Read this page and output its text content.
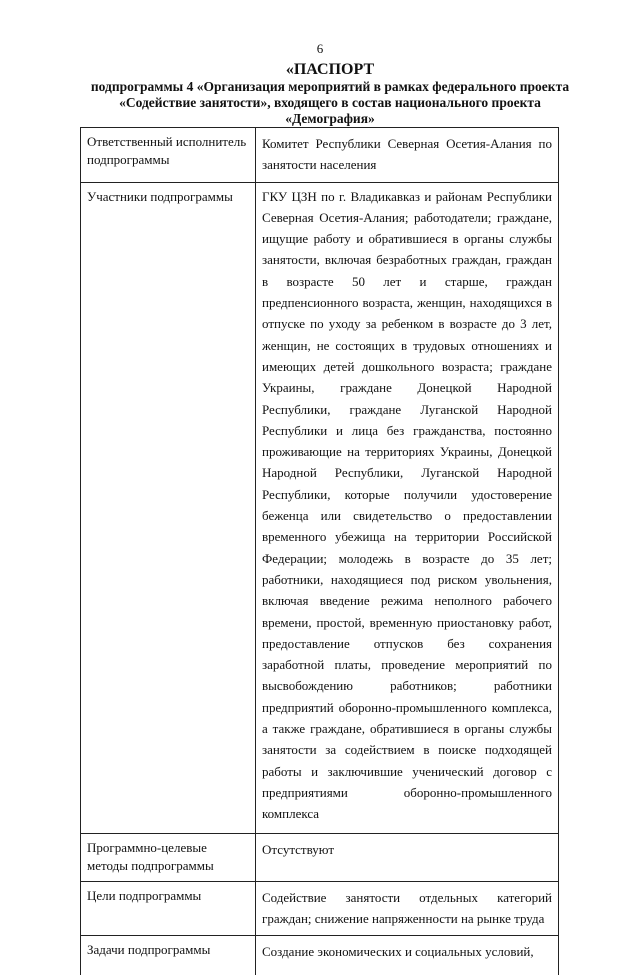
6
«ПАСПОРТ
подпрограммы 4 «Организация мероприятий в рамках федерального проекта
«Содействие занятости», входящего в состав национального проекта
«Демография»
Ответственный исполнитель подпрограммы	Комитет Республики Северная Осетия-Алания по занятости населения
Участники подпрограммы	ГКУ ЦЗН по г. Владикавказ и районам Республики Северная Осетия-Алания; работодатели; граждане, ищущие работу и обратившиеся в органы службы занятости, включая безработных граждан, граждан в возрасте 50 лет и старше, граждан предпенсионного возраста, женщин, находящихся в отпуске по уходу за ребенком в возрасте до 3 лет, женщин, не состоящих в трудовых отношениях и имеющих детей дошкольного возраста; граждане Украины, граждане Донецкой Народной Республики, граждане Луганской Народной Республики и лица без гражданства, постоянно проживающие на территориях Украины, Донецкой Народной Республики, Луганской Народной Республики, которые получили удостоверение беженца или свидетельство о предоставлении временного убежища на территории Российской Федерации; молодежь в возрасте до 35 лет; работники, находящиеся под риском увольнения, включая введение режима неполного рабочего времени, простой, временную приостановку работ, предоставление отпусков без сохранения заработной платы, проведение мероприятий по высвобождению работников; работники предприятий оборонно-промышленного комплекса, а также граждане, обратившиеся в органы службы занятости за содействием в поиске подходящей работы и заключившие ученический договор с предприятиями оборонно-промышленного комплекса
Программно-целевые методы подпрограммы	Отсутствуют
Цели подпрограммы	Содействие занятости отдельных категорий граждан; снижение напряженности на рынке труда
Задачи подпрограммы	Создание экономических и социальных условий,
